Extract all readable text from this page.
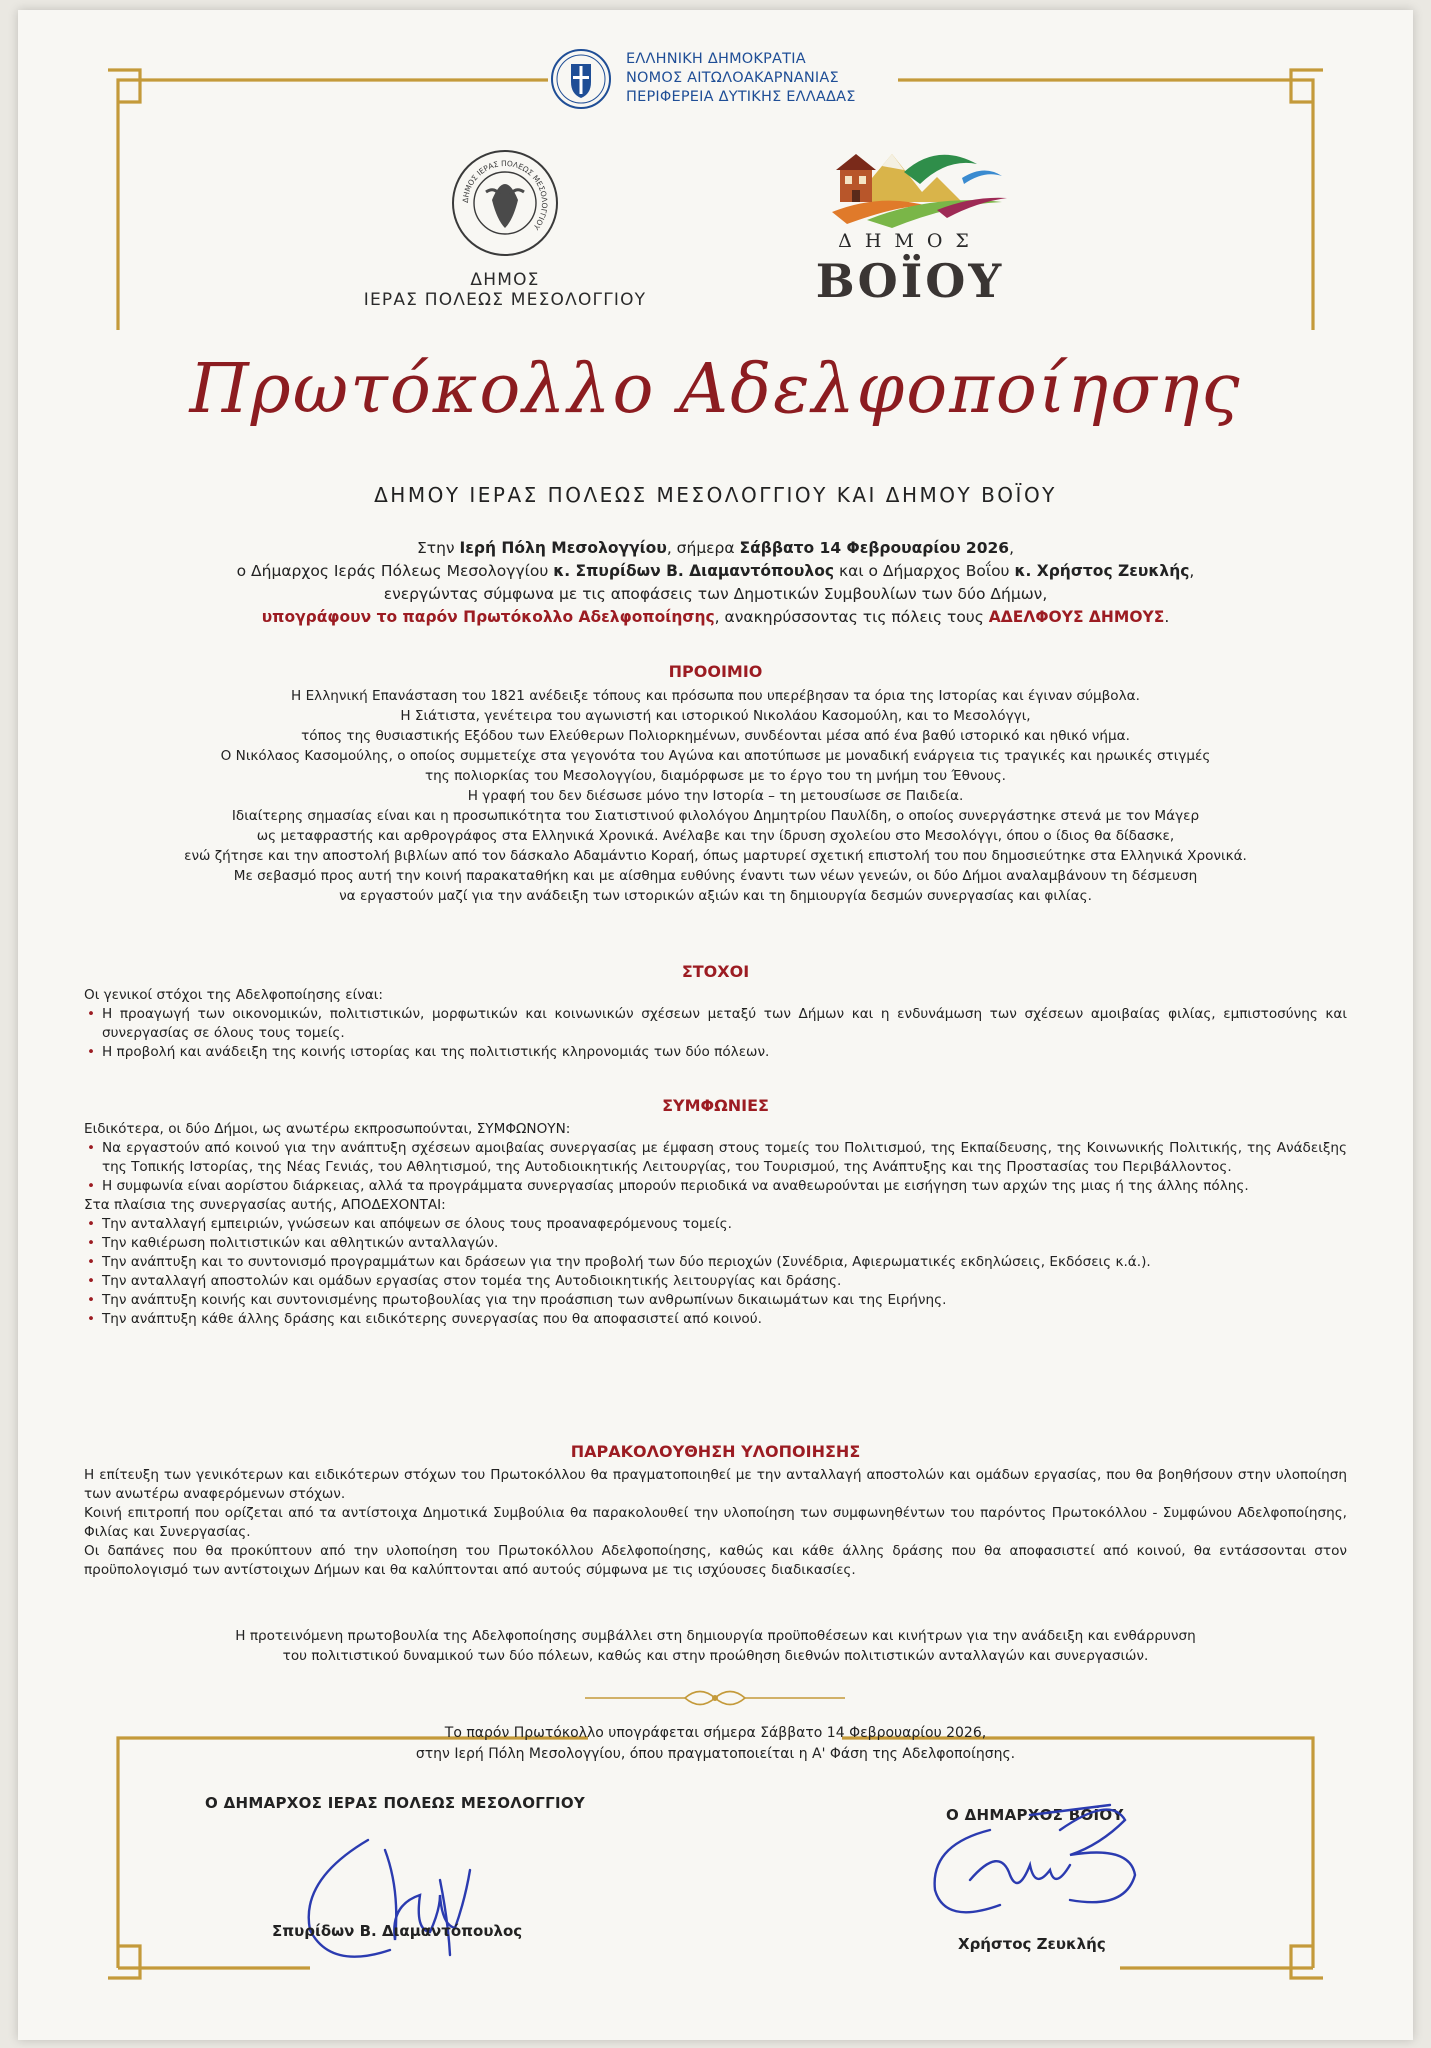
ΕΛΛΗΝΙΚΗ ΔΗΜΟΚΡΑΤΙΑ
ΝΟΜΟΣ ΑΙΤΩΛΟΑΚΑΡΝΑΝΙΑΣ
ΠΕΡΙΦΕΡΕΙΑ ΔΥΤΙΚΗΣ ΕΛΛΑΔΑΣ
ΔΗΜΟΣ ΙΕΡΑΣ ΠΟΛΕΩΣ ΜΕΣΟΛΟΓΓΙΟΥ
ΔΗΜΟΣ
ΙΕΡΑΣ ΠΟΛΕΩΣ ΜΕΣΟΛΟΓΓΙΟΥ
ΔΗΜΟΣ
ΒΟΪΟΥ
Πρωτόκολλο Αδελφοποίησης
ΔΗΜΟΥ ΙΕΡΑΣ ΠΟΛΕΩΣ ΜΕΣΟΛΟΓΓΙΟΥ ΚΑΙ ΔΗΜΟΥ ΒΟΪΟΥ

Στην Ιερή Πόλη Μεσολογγίου, σήμερα Σάββατο 14 Φεβρουαρίου 2026,

ο Δήμαρχος Ιεράς Πόλεως Μεσολογγίου κ. Σπυρίδων Β. Διαμαντόπουλος και ο Δήμαρχος Βοΐου κ. Χρήστος Ζευκλής,

ενεργώντας σύμφωνα με τις αποφάσεις των Δημοτικών Συμβουλίων των δύο Δήμων,

υπογράφουν το παρόν Πρωτόκολλο Αδελφοποίησης, ανακηρύσσοντας τις πόλεις τους ΑΔΕΛΦΟΥΣ ΔΗΜΟΥΣ.

ΠΡΟΟΙΜΙΟ

Η Ελληνική Επανάσταση του 1821 ανέδειξε τόπους και πρόσωπα που υπερέβησαν τα όρια της Ιστορίας και έγιναν σύμβολα.

Η Σιάτιστα, γενέτειρα του αγωνιστή και ιστορικού Νικολάου Κασομούλη, και το Μεσολόγγι,

τόπος της θυσιαστικής Εξόδου των Ελεύθερων Πολιορκημένων, συνδέονται μέσα από ένα βαθύ ιστορικό και ηθικό νήμα.

Ο Νικόλαος Κασομούλης, ο οποίος συμμετείχε στα γεγονότα του Αγώνα και αποτύπωσε με μοναδική ενάργεια τις τραγικές και ηρωικές στιγμές

της πολιορκίας του Μεσολογγίου, διαμόρφωσε με το έργο του τη μνήμη του Έθνους.

Η γραφή του δεν διέσωσε μόνο την Ιστορία – τη μετουσίωσε σε Παιδεία.

Ιδιαίτερης σημασίας είναι και η προσωπικότητα του Σιατιστινού φιλολόγου Δημητρίου Παυλίδη, ο οποίος συνεργάστηκε στενά με τον Μάγερ

ως μεταφραστής και αρθρογράφος στα Ελληνικά Χρονικά. Ανέλαβε και την ίδρυση σχολείου στο Μεσολόγγι, όπου ο ίδιος θα δίδασκε,

ενώ ζήτησε και την αποστολή βιβλίων από τον δάσκαλο Αδαμάντιο Κοραή, όπως μαρτυρεί σχετική επιστολή του που δημοσιεύτηκε στα Ελληνικά Χρονικά.

Με σεβασμό προς αυτή την κοινή παρακαταθήκη και με αίσθημα ευθύνης έναντι των νέων γενεών, οι δύο Δήμοι αναλαμβάνουν τη δέσμευση

να εργαστούν μαζί για την ανάδειξη των ιστορικών αξιών και τη δημιουργία δεσμών συνεργασίας και φιλίας.

ΣΤΟΧΟΙ

Οι γενικοί στόχοι της Αδελφοποίησης είναι:

• Η προαγωγή των οικονομικών, πολιτιστικών, μορφωτικών και κοινωνικών σχέσεων μεταξύ των Δήμων και η ενδυνάμωση των σχέσεων αμοιβαίας φιλίας, εμπιστοσύνης και συνεργασίας σε όλους τους τομείς.
• Η προβολή και ανάδειξη της κοινής ιστορίας και της πολιτιστικής κληρονομιάς των δύο πόλεων.
ΣΥΜΦΩΝΙΕΣ

Ειδικότερα, οι δύο Δήμοι, ως ανωτέρω εκπροσωπούνται, ΣΥΜΦΩΝΟΥΝ:

• Να εργαστούν από κοινού για την ανάπτυξη σχέσεων αμοιβαίας συνεργασίας με έμφαση στους τομείς του Πολιτισμού, της Εκπαίδευσης, της Κοινωνικής Πολιτικής, της Ανάδειξης της Τοπικής Ιστορίας, της Νέας Γενιάς, του Αθλητισμού, της Αυτοδιοικητικής Λειτουργίας, του Τουρισμού, της Ανάπτυξης και της Προστασίας του Περιβάλλοντος.
• Η συμφωνία είναι αορίστου διάρκειας, αλλά τα προγράμματα συνεργασίας μπορούν περιοδικά να αναθεωρούνται με εισήγηση των αρχών της μιας ή της άλλης πόλης.

Στα πλαίσια της συνεργασίας αυτής, ΑΠΟΔΕΧΟΝΤΑΙ:

• Την ανταλλαγή εμπειριών, γνώσεων και απόψεων σε όλους τους προαναφερόμενους τομείς.
• Την καθιέρωση πολιτιστικών και αθλητικών ανταλλαγών.
• Την ανάπτυξη και το συντονισμό προγραμμάτων και δράσεων για την προβολή των δύο περιοχών (Συνέδρια, Αφιερωματικές εκδηλώσεις, Εκδόσεις κ.ά.).
• Την ανταλλαγή αποστολών και ομάδων εργασίας στον τομέα της Αυτοδιοικητικής λειτουργίας και δράσης.
• Την ανάπτυξη κοινής και συντονισμένης πρωτοβουλίας για την προάσπιση των ανθρωπίνων δικαιωμάτων και της Ειρήνης.
• Την ανάπτυξη κάθε άλλης δράσης και ειδικότερης συνεργασίας που θα αποφασιστεί από κοινού.
ΠΑΡΑΚΟΛΟΥΘΗΣΗ ΥΛΟΠΟΙΗΣΗΣ

Η επίτευξη των γενικότερων και ειδικότερων στόχων του Πρωτοκόλλου θα πραγματοποιηθεί με την ανταλλαγή αποστολών και ομάδων εργασίας, που θα βοηθήσουν στην υλοποίηση των ανωτέρω αναφερόμενων στόχων.

Κοινή επιτροπή που ορίζεται από τα αντίστοιχα Δημοτικά Συμβούλια θα παρακολουθεί την υλοποίηση των συμφωνηθέντων του παρόντος Πρωτοκόλλου - Συμφώνου Αδελφοποίησης, Φιλίας και Συνεργασίας.

Οι δαπάνες που θα προκύπτουν από την υλοποίηση του Πρωτοκόλλου Αδελφοποίησης, καθώς και κάθε άλλης δράσης που θα αποφασιστεί από κοινού, θα εντάσσονται στον προϋπολογισμό των αντίστοιχων Δήμων και θα καλύπτονται από αυτούς σύμφωνα με τις ισχύουσες διαδικασίες.

Η προτεινόμενη πρωτοβουλία της Αδελφοποίησης συμβάλλει στη δημιουργία προϋποθέσεων και κινήτρων για την ανάδειξη και ενθάρρυνση

του πολιτιστικού δυναμικού των δύο πόλεων, καθώς και στην προώθηση διεθνών πολιτιστικών ανταλλαγών και συνεργασιών.

Το παρόν Πρωτόκολλο υπογράφεται σήμερα Σάββατο 14 Φεβρουαρίου 2026,

στην Ιερή Πόλη Μεσολογγίου, όπου πραγματοποιείται η Α' Φάση της Αδελφοποίησης.

Ο ΔΗΜΑΡΧΟΣ ΙΕΡΑΣ ΠΟΛΕΩΣ ΜΕΣΟΛΟΓΓΙΟΥ
Σπυρίδων Β. Διαμαντόπουλος
Ο ΔΗΜΑΡΧΟΣ ΒΟΪΟΥ
Χρήστος Ζευκλής
